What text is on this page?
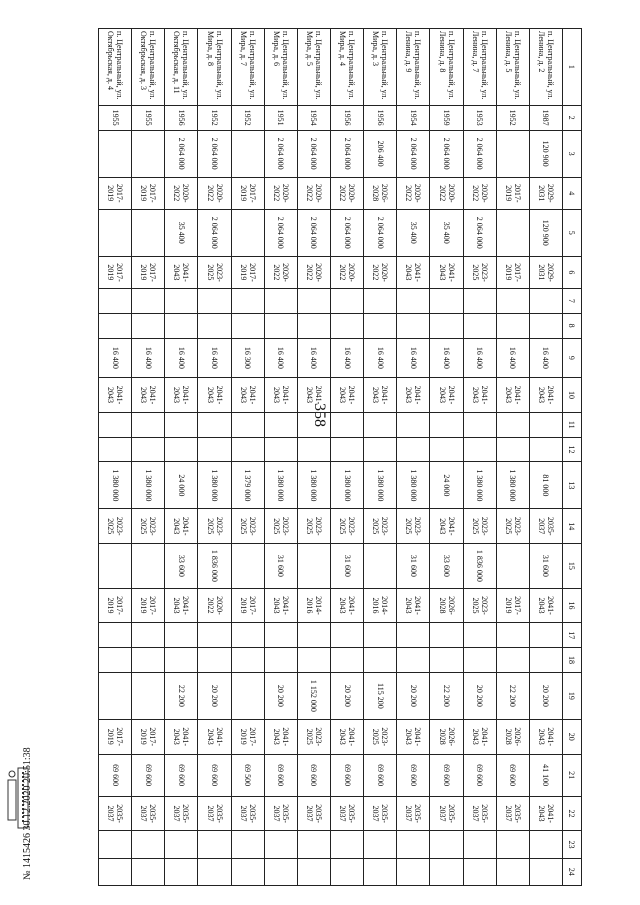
358
1	2	3	4	5	6	7	8	9	10	11	12	13	14	15	16	17	18	19	20	21	22	23	24
п. Центральный, ул. Ленина, д. 2	1987	120 900	2029-2031	120 900	2029-2031			16 400	2041-2043			81 000	2035-2037	31 600	2041-2043			20 200	2041-2043	41 100	2041-2043		
п. Центральный, ул. Ленина, д. 5	1952		2017-2019		2017-2019			16 400	2041-2043			1 380 000	2023-2025		2017-2019			22 200	2026-2028	69 600	2035-2037		
п. Центральный, ул. Ленина, д. 7	1953	2 064 000	2020-2022	2 064 000	2023-2025			16 400	2041-2043			1 380 000	2023-2025	1 836 000	2023-2025			20 200	2041-2043	69 600	2035-2037		
п. Центральный, ул. Ленина, д. 8	1959	2 064 000	2020-2022	35 400	2041-2043			16 400	2041-2043			24 000	2041-2043	33 600	2026-2028			22 200	2026-2028	69 600	2035-2037		
п. Центральный, ул. Ленина, д. 9	1954	2 064 000	2020-2022	35 400	2041-2043			16 400	2041-2043			1 380 000	2023-2025	31 600	2041-2043			20 200	2041-2043	69 600	2035-2037		
п. Центральный, ул. Мира, д. 3	1956	206 400	2026-2028	2 064 000	2020-2022			16 400	2041-2043			1 380 000	2023-2025		2014-2016			115 200	2023-2025	69 600	2035-2037		
п. Центральный, ул. Мира, д. 4	1956	2 064 000	2020-2022	2 064 000	2020-2022			16 400	2041-2043			1 380 000	2023-2025	31 600	2041-2043			20 200	2041-2043	69 600	2035-2037		
п. Центральный, ул. Мира, д. 5	1954	2 064 000	2020-2022	2 064 000	2020-2022			16 400	2041-2043			1 380 000	2023-2025		2014-2016			1 152 000	2023-2025	69 600	2035-2037		
п. Центральный, ул. Мира, д. 6	1951	2 064 000	2020-2022	2 064 000	2020-2022			16 400	2041-2043			1 380 000	2023-2025	31 600	2041-2043			20 200	2041-2043	69 600	2035-2037		
п. Центральный, ул. Мира, д. 7	1952		2017-2019		2017-2019			16 300	2041-2043			1 379 000	2023-2025		2017-2019				2017-2019	69 500	2035-2037		
п. Центральный, ул. Мира, д. 8	1952	2 064 000	2020-2022	2 064 000	2023-2025			16 400	2041-2043			1 380 000	2023-2025	1 836 000	2020-2022			20 200	2041-2043	69 600	2035-2037		
п. Центральный, ул. Октябрьская, д. 11	1956	2 064 000	2020-2022	35 400	2041-2043			16 400	2041-2043			24 000	2041-2043	33 600	2041-2043			22 200	2041-2043	69 600	2035-2037		
п. Центральный, ул. Октябрьская, д. 3	1955		2017-2019		2017-2019			16 400	2041-2043			1 380 000	2023-2025		2017-2019				2017-2019	69 600	2035-2037		
п. Центральный, ул. Октябрьская, д. 4	1955		2017-2019		2017-2019			16 400	2041-2043			1 380 000	2023-2025		2017-2019				2017-2019	69 600	2035-2037		
№ 1415426 30.12.2020 20:51:38
